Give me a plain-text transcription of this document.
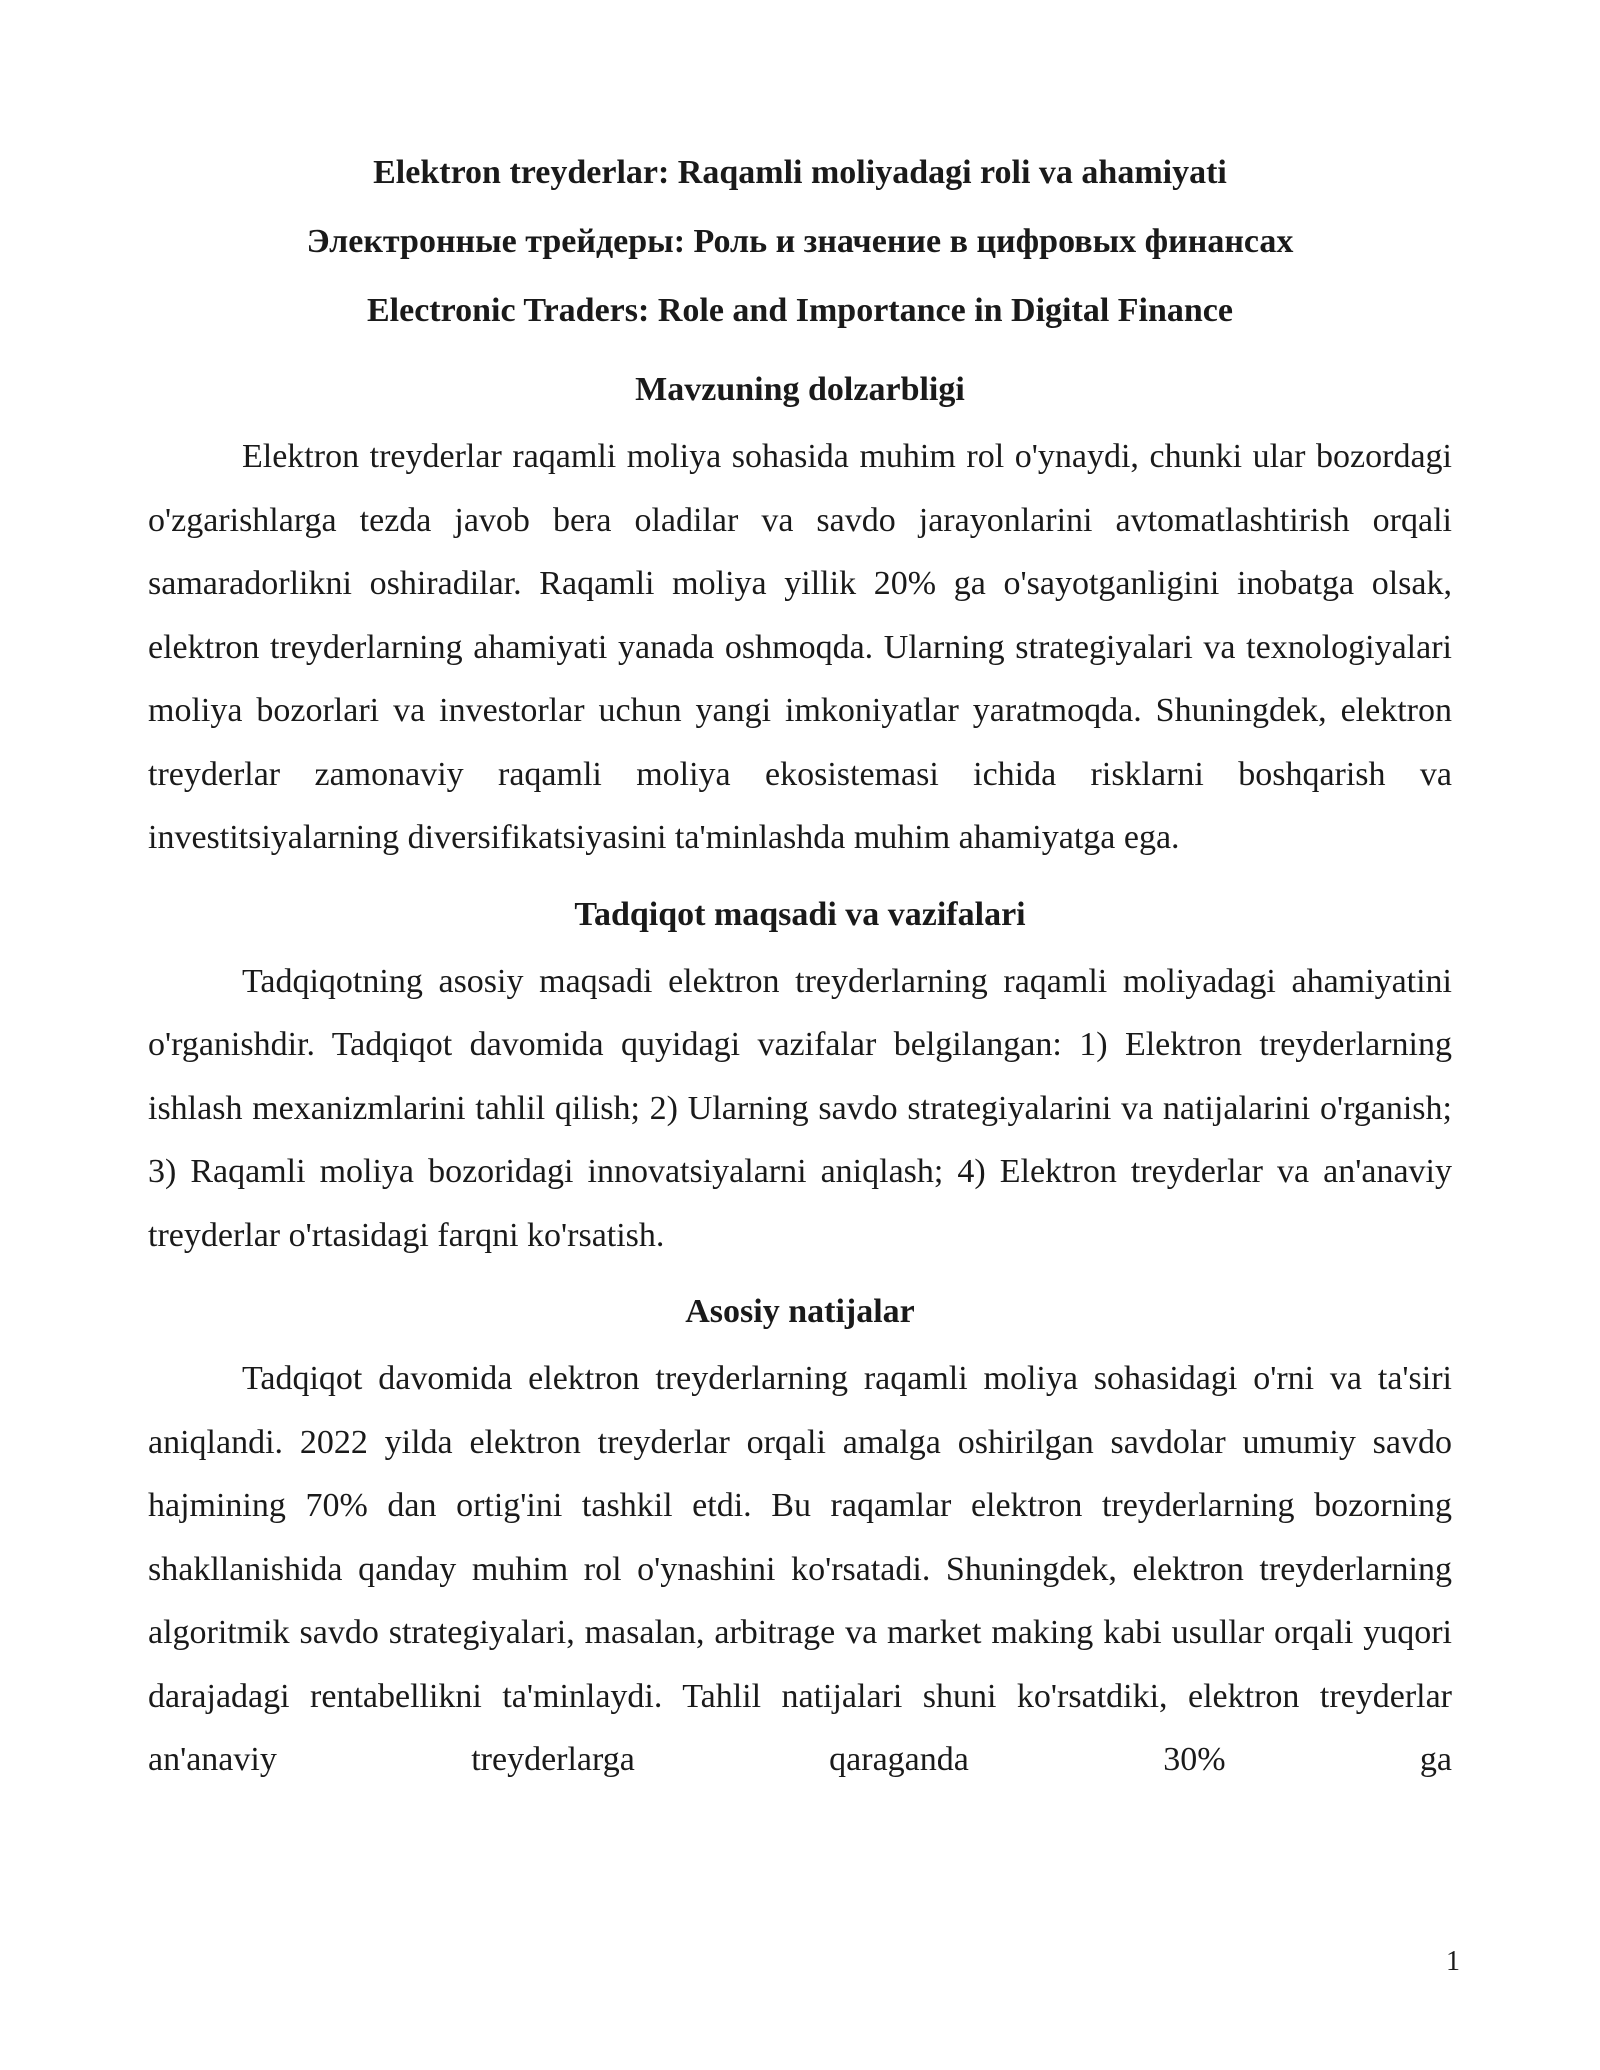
Elektron treyderlar: Raqamli moliyadagi roli va ahamiyati

Электронные трейдеры: Роль и значение в цифровых финансах

Electronic Traders: Role and Importance in Digital Finance

Mavzuning dolzarbligi

Elektron treyderlar raqamli moliya sohasida muhim rol o'ynaydi, chunki ular bozordagi o'zgarishlarga tezda javob bera oladilar va savdo jarayonlarini avtomatlashtirish orqali samaradorlikni oshiradilar. Raqamli moliya yillik 20% ga o'sayotganligini inobatga olsak, elektron treyderlarning ahamiyati yanada oshmoqda. Ularning strategiyalari va texnologiyalari moliya bozorlari va investorlar uchun yangi imkoniyatlar yaratmoqda. Shuningdek, elektron treyderlar zamonaviy raqamli moliya ekosistemasi ichida risklarni boshqarish va investitsiyalarning diversifikatsiyasini ta'minlashda muhim ahamiyatga ega.

Tadqiqot maqsadi va vazifalari

Tadqiqotning asosiy maqsadi elektron treyderlarning raqamli moliyadagi ahamiyatini o'rganishdir. Tadqiqot davomida quyidagi vazifalar belgilangan: 1) Elektron treyderlarning ishlash mexanizmlarini tahlil qilish; 2) Ularning savdo strategiyalarini va natijalarini o'rganish; 3) Raqamli moliya bozoridagi innovatsiyalarni aniqlash; 4) Elektron treyderlar va an'anaviy treyderlar o'rtasidagi farqni ko'rsatish.

Asosiy natijalar

Tadqiqot davomida elektron treyderlarning raqamli moliya sohasidagi o'rni va ta'siri aniqlandi. 2022 yilda elektron treyderlar orqali amalga oshirilgan savdolar umumiy savdo hajmining 70% dan ortig'ini tashkil etdi. Bu raqamlar elektron treyderlarning bozorning shakllanishida qanday muhim rol o'ynashini ko'rsatadi. Shuningdek, elektron treyderlarning algoritmik savdo strategiyalari, masalan, arbitrage va market making kabi usullar orqali yuqori darajadagi rentabellikni ta'minlaydi. Tahlil natijalari shuni ko'rsatdiki, elektron treyderlar an'anaviy treyderlarga qaraganda 30% ga

1
